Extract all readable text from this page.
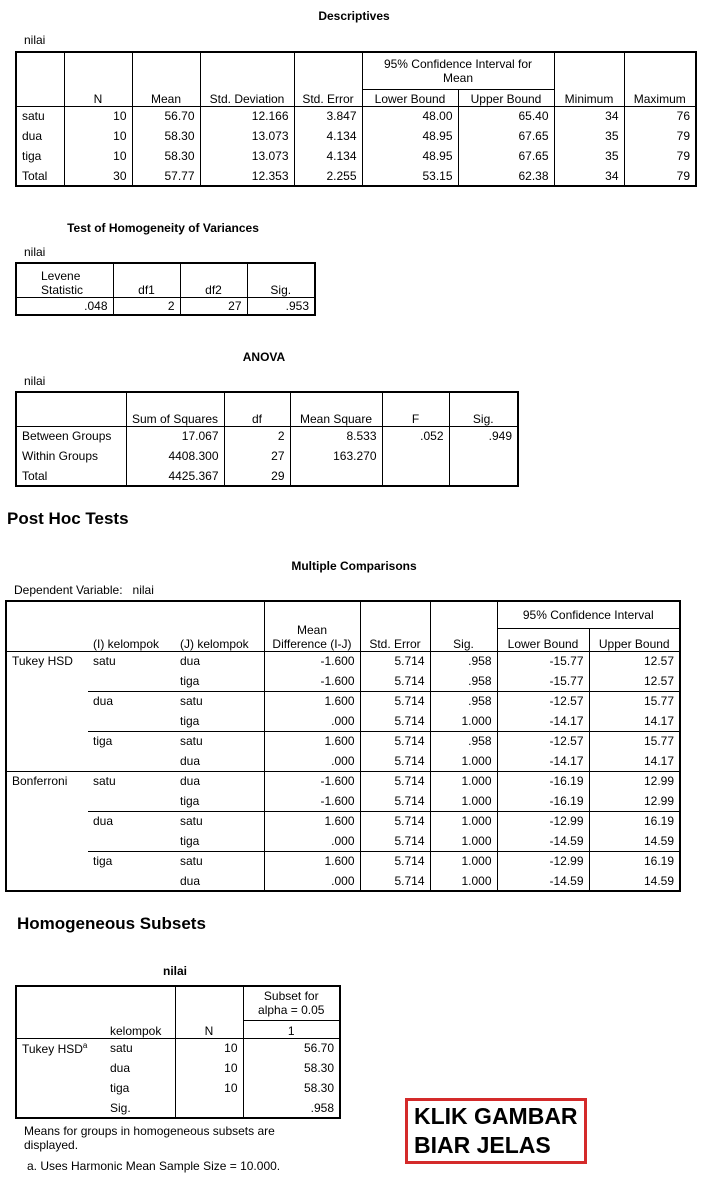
Descriptives
nilai
	N	Mean	Std. Deviation	Std. Error	95% Confidence Interval for Mean		Minimum	Maximum
					Lower Bound	Upper Bound		
satu	10	56.70	12.166	3.847	48.00	65.40	34	76
dua	10	58.30	13.073	4.134	48.95	67.65	35	79
tiga	10	58.30	13.073	4.134	48.95	67.65	35	79
Total	30	57.77	12.353	2.255	53.15	62.38	34	79
Test of Homogeneity of Variances
nilai
Levene Statistic	df1	df2	Sig.
.048	2	27	.953
ANOVA
nilai
	Sum of Squares	df	Mean Square	F	Sig.
Between Groups	17.067	2	8.533	.052	.949
Within Groups	4408.300	27	163.270		
Total	4425.367	29			
Post Hoc Tests
Multiple Comparisons
Dependent Variable: nilai
	(I) kelompok	(J) kelompok	Mean Difference (I-J)	Std. Error	Sig.	95% Confidence Interval	
						Lower Bound	Upper Bound
Tukey HSD	satu	dua	-1.600	5.714	.958	-15.77	12.57
		tiga	-1.600	5.714	.958	-15.77	12.57
	dua	satu	1.600	5.714	.958	-12.57	15.77
		tiga	.000	5.714	1.000	-14.17	14.17
	tiga	satu	1.600	5.714	.958	-12.57	15.77
		dua	.000	5.714	1.000	-14.17	14.17
Bonferroni	satu	dua	-1.600	5.714	1.000	-16.19	12.99
		tiga	-1.600	5.714	1.000	-16.19	12.99
	dua	satu	1.600	5.714	1.000	-12.99	16.19
		tiga	.000	5.714	1.000	-14.59	14.59
	tiga	satu	1.600	5.714	1.000	-12.99	16.19
		dua	.000	5.714	1.000	-14.59	14.59
Homogeneous Subsets
nilai
	kelompok	N	Subset for alpha = 0.05
			1
Tukey HSD$^a$	satu	10	56.70
	dua	10	58.30
	tiga	10	58.30
	Sig.		.958
Means for groups in homogeneous subsets are displayed.
a. Uses Harmonic Mean Sample Size = 10.000.
KLIK GAMBAR
BIAR JELAS
